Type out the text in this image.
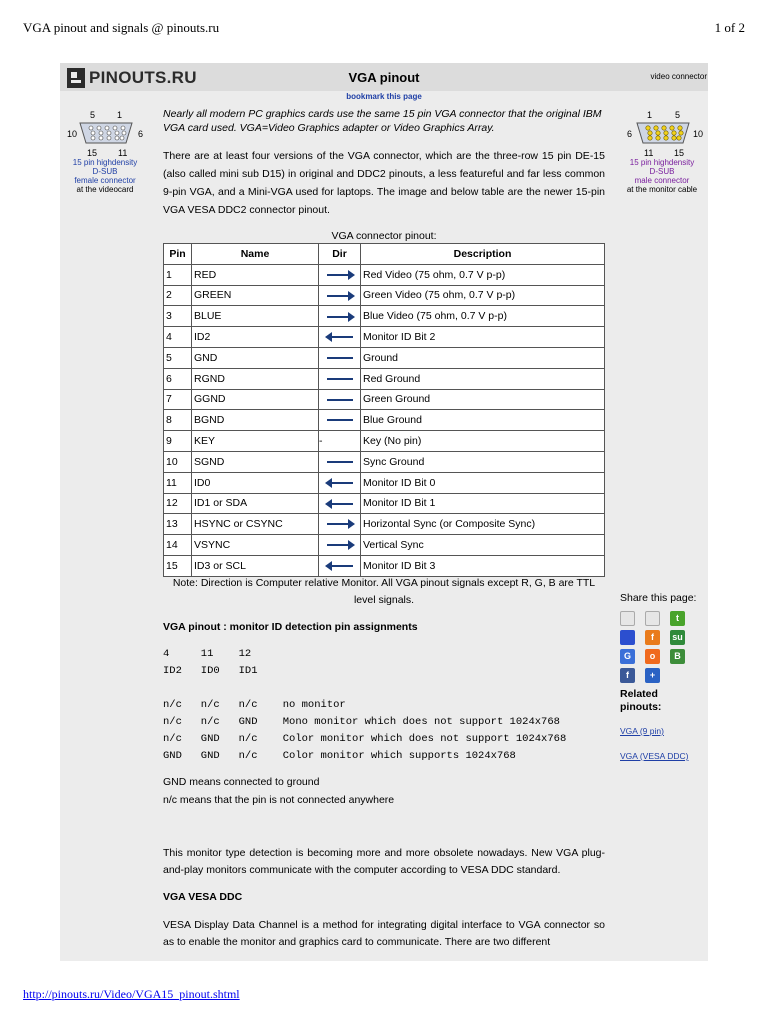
VGA pinout and signals @ pinouts.ru	1 of 2
PINOUTS.RU	VGA pinout
bookmark this page
video connector
5 1
10	6
15 11
15 pin highdensity
D-SUB
female connector
at the videocard
1	5
6	10
11 15
15 pin highdensity
D-SUB
male connector
at the monitor cable
Nearly all modern PC graphics cards use the same 15 pin VGA connector that the original IBM VGA card used. VGA=Video Graphics adapter or Video Graphics Array.
There are at least four versions of the VGA connector, which are the three-row 15 pin DE-15 (also called mini sub D15) in original and DDC2 pinouts, a less featureful and far less common 9-pin VGA, and a Mini-VGA used for laptops. The image and below table are the newer 15-pin VGA VESA DDC2 connector pinout.
VGA connector pinout:
Pin	Name	Dir	Description
1	RED		Red Video (75 ohm, 0.7 V p-p)
2	GREEN		Green Video (75 ohm, 0.7 V p-p)
3	BLUE		Blue Video (75 ohm, 0.7 V p-p)
4	ID2		Monitor ID Bit 2
5	GND		Ground
6	RGND		Red Ground
7	GGND		Green Ground
8	BGND		Blue Ground
9	KEY	-	Key (No pin)
10	SGND		Sync Ground
11	ID0		Monitor ID Bit 0
12	ID1 or SDA		Monitor ID Bit 1
13	HSYNC or CSYNC		Horizontal Sync (or Composite Sync)
14	VSYNC		Vertical Sync
15	ID3 or SCL		Monitor ID Bit 3
Note: Direction is Computer relative Monitor. All VGA pinout signals except R, G, B are TTL level signals.
VGA pinout : monitor ID detection pin assignments
4     11    12
ID2   ID0   ID1
n/c   n/c   n/c    no monitor
n/c   n/c   GND    Mono monitor which does not support 1024x768
n/c   GND   n/c    Color monitor which does not support 1024x768
GND   GND   n/c    Color monitor which supports 1024x768
GND means connected to ground
n/c means that the pin is not connected anywhere
This monitor type detection is becoming more and more obsolete nowadays. New VGA plug-and-play monitors communicate with the computer according to VESA DDC standard.
VGA VESA DDC
VESA Display Data Channel is a method for integrating digital interface to VGA connector so as to enable the monitor and graphics card to communicate. There are two different
Share this page:
t
f	su
G	o	B
f	+
Related pinouts:
VGA (9 pin)
VGA (VESA DDC)
http://pinouts.ru/Video/VGA15_pinout.shtml
